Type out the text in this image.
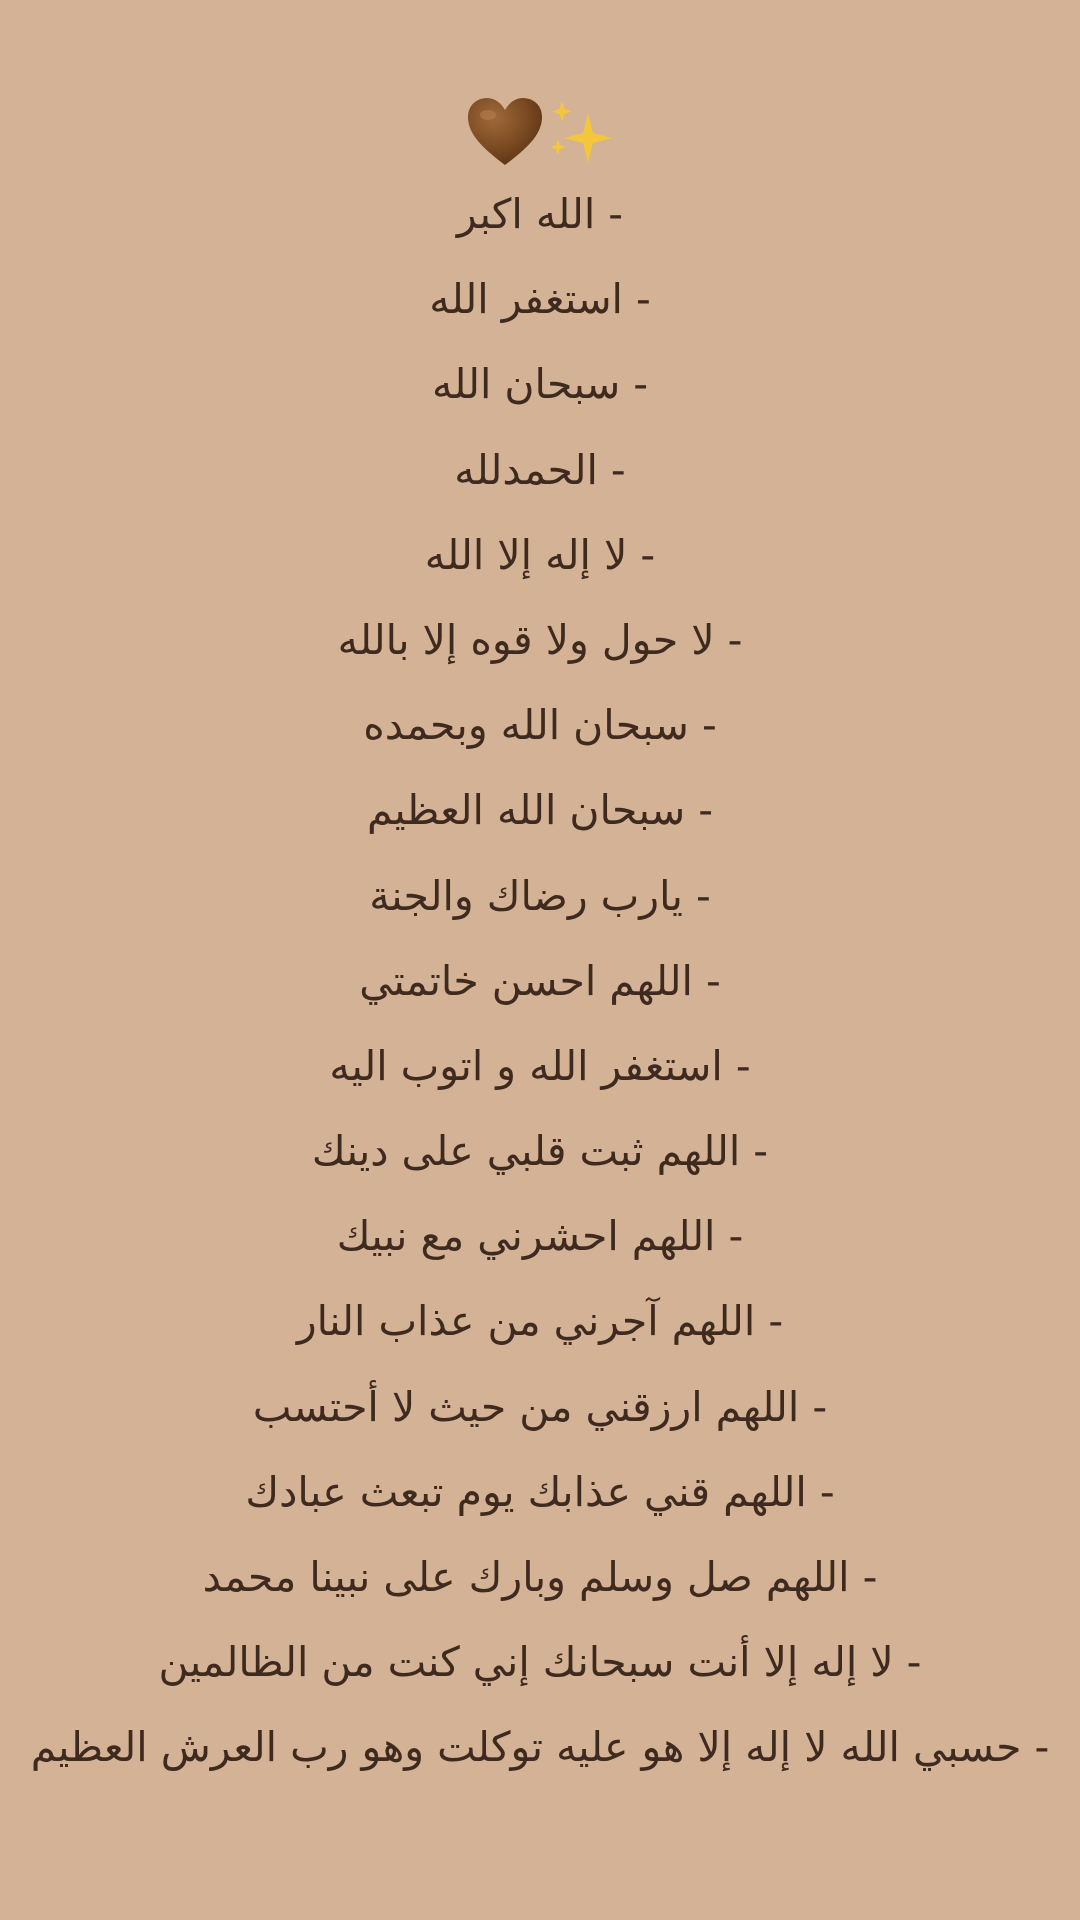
- الله اكبر
- استغفر الله
- سبحان الله
- الحمدلله
- لا إله إلا الله
- لا حول ولا قوه إلا بالله
- سبحان الله وبحمده
- سبحان الله العظيم
- يارب رضاك والجنة
- اللهم احسن خاتمتي
- استغفر الله و اتوب اليه
- اللهم ثبت قلبي على دينك
- اللهم احشرني مع نبيك
- اللهم آجرني من عذاب النار
- اللهم ارزقني من حيث لا أحتسب
- اللهم قني عذابك يوم تبعث عبادك
- اللهم صل وسلم وبارك على نبينا محمد
- لا إله إلا أنت سبحانك إني كنت من الظالمين
- حسبي الله لا إله إلا هو عليه توكلت وهو رب العرش العظيم
